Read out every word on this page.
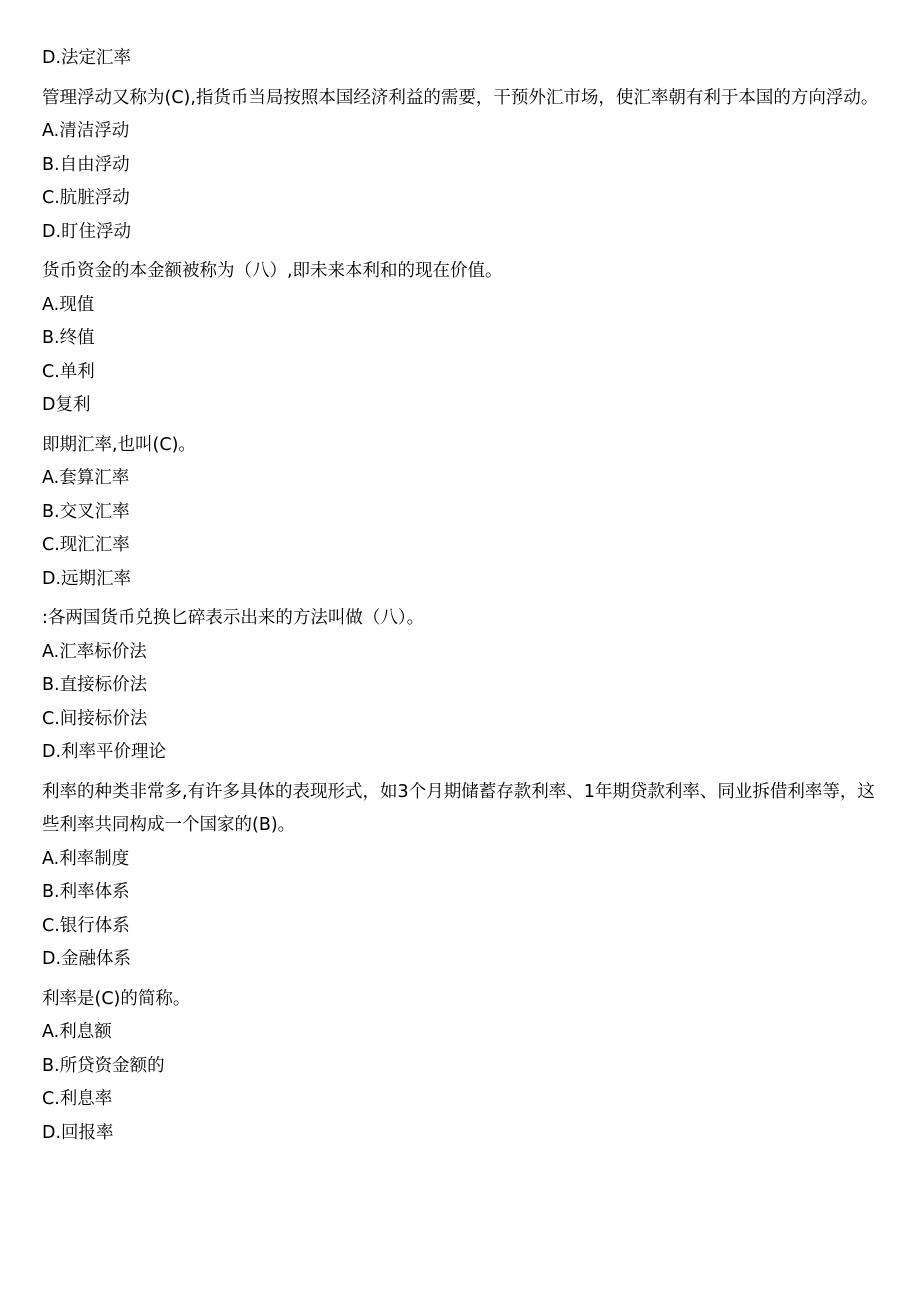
D.法定汇率
管理浮动又称为(C),指货币当局按照本国经济利益的需要，干预外汇市场，使汇率朝有利于本国的方向浮动。
A.清洁浮动
B.自由浮动
C.肮脏浮动
D.盯住浮动
货币资金的本金额被称为（八）,即未来本利和的现在价值。
A.现值
B.终值
C.单利
D复利
即期汇率,也叫(C)。
A.套算汇率
B.交叉汇率
C.现汇汇率
D.远期汇率
:各两国货币兑换匕碎表示出来的方法叫做（八）。
A.汇率标价法
B.直接标价法
C.间接标价法
D.利率平价理论
利率的种类非常多,有许多具体的表现形式，如3个月期储蓄存款利率、1年期贷款利率、同业拆借利率等，这些利率共同构成一个国家的(B)。
A.利率制度
B.利率体系
C.银行体系
D.金融体系
利率是(C)的简称。
A.利息额
B.所贷资金额的
C.利息率
D.回报率
